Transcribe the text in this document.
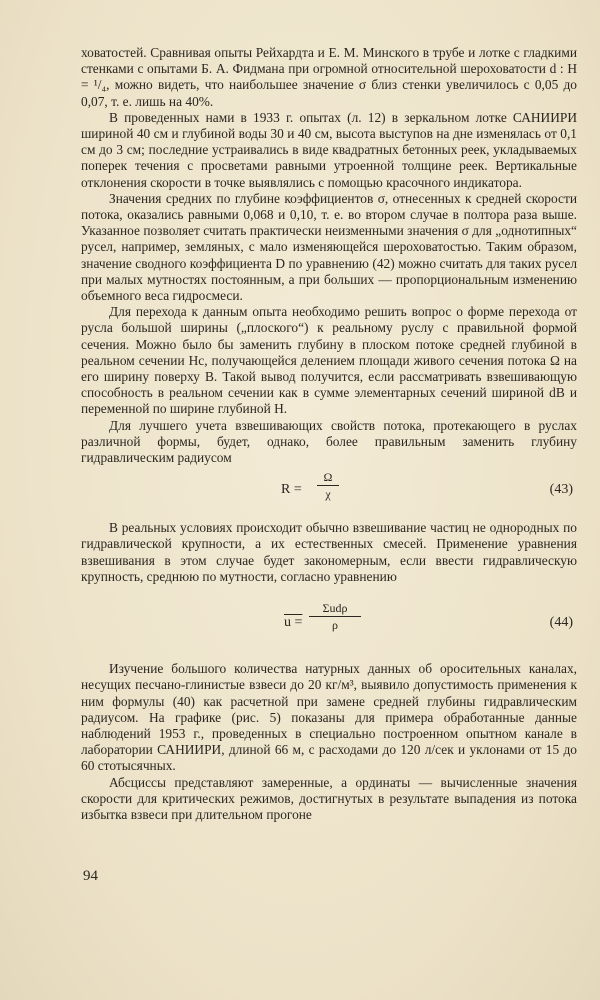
ховатостей. Сравнивая опыты Рейхардта и Е. М. Минского в трубе и лотке с гладкими стенками с опытами Б. А. Фидмана при огромной относительной шероховатости d : H = ¹/₄, можно видеть, что наибольшее значение σ близ стенки увеличилось с 0,05 до 0,07, т. е. лишь на 40%.

В проведенных нами в 1933 г. опытах (л. 12) в зеркальном лотке САНИИРИ шириной 40 см и глубиной воды 30 и 40 см, высота выступов на дне изменялась от 0,1 см до 3 см; последние устраивались в виде квадратных бетонных реек, укладываемых поперек течения с просветами равными утроенной толщине реек. Вертикальные отклонения скорости в точке выявлялись с помощью красочного индикатора.

Значения средних по глубине коэффициентов σ, отнесенных к средней скорости потока, оказались равными 0,068 и 0,10, т. е. во втором случае в полтора раза выше. Указанное позволяет считать практически неизменными значения σ для „однотипных“ русел, например, земляных, с мало изменяющейся шероховатостью. Таким образом, значение сводного коэффициента D по уравнению (42) можно считать для таких русел при малых мутностях постоянным, а при больших — пропорциональным изменению объемного веса гидросмеси.

Для перехода к данным опыта необходимо решить вопрос о форме перехода от русла большой ширины („плоского“) к реальному руслу с правильной формой сечения. Можно было бы заменить глубину в плоском потоке средней глубиной в реальном сечении Hc, получающейся делением площади живого сечения потока Ω на его ширину поверху B. Такой вывод получится, если рассматривать взвешивающую способность в реальном сечении как в сумме элементарных сечений шириной dB и переменной по ширине глубиной H.

Для лучшего учета взвешивающих свойств потока, протекающего в руслах различной формы, будет, однако, более правильным заменить глубину гидравлическим радиусом

R =
Ω
χ	(43)

В реальных условиях происходит обычно взвешивание частиц не однородных по гидравлической крупности, а их естественных смесей. Применение уравнения взвешивания в этом случае будет закономерным, если ввести гидравлическую крупность, среднюю по мутности, согласно уравнению

u =
Σudρ
ρ	(44)

Изучение большого количества натурных данных об оросительных каналах, несущих песчано-глинистые взвеси до 20 кг/м³, выявило допустимость применения к ним формулы (40) как расчетной при замене средней глубины гидравлическим радиусом. На графике (рис. 5) показаны для примера обработанные данные наблюдений 1953 г., проведенных в специально построенном опытном канале в лаборатории САНИИРИ, длиной 66 м, с расходами до 120 л/сек и уклонами от 15 до 60 стотысячных.

Абсциссы представляют замеренные, а ординаты — вычисленные значения скорости для критических режимов, достигнутых в результате выпадения из потока избытка взвеси при длительном прогоне

94
